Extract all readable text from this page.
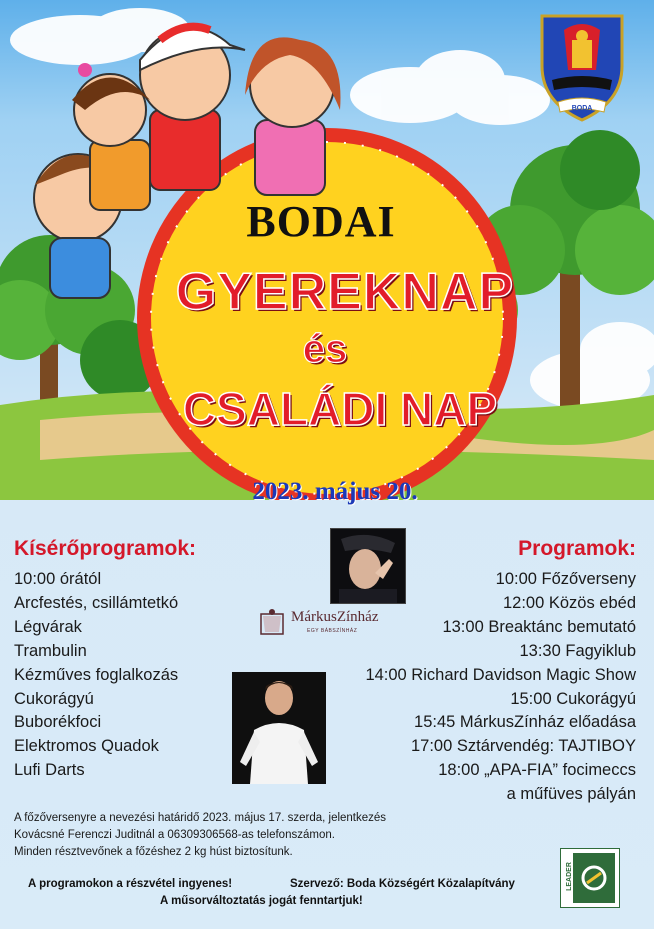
BODA
BODAI
GYEREKNAP
és
CSALÁDI NAP
2023. május 20.
Kísérőprogramok:
10:00 órától
Arcfestés, csillámtetkó
Légvárak
Trambulin
Kézműves foglalkozás
Cukorágyú
Buborékfoci
Elektromos Quadok
Lufi Darts
Programok:
10:00 Főzőverseny
12:00 Közös ebéd
13:00 Breaktánc bemutató
13:30 Fagyiklub
14:00 Richard Davidson Magic Show
15:00 Cukorágyú
15:45 MárkusZínház előadása
17:00 Sztárvendég: TAJTIBOY
18:00 „APA-FIA” focimeccs
a műfüves pályán
MárkusZínház
EGY BÁBSZÍNHÁZ
A főzőversenyre a nevezési határidő 2023. május 17. szerda, jelentkezés
Kovácsné Ferenczi Juditnál a 06309306568-as telefonszámon.
Minden résztvevőnek a főzéshez 2 kg húst biztosítunk.
A programokon a részvétel ingyenes!	Szervező: Boda Községért Közalapítvány
A műsorváltoztatás jogát fenntartjuk!
LEADER
